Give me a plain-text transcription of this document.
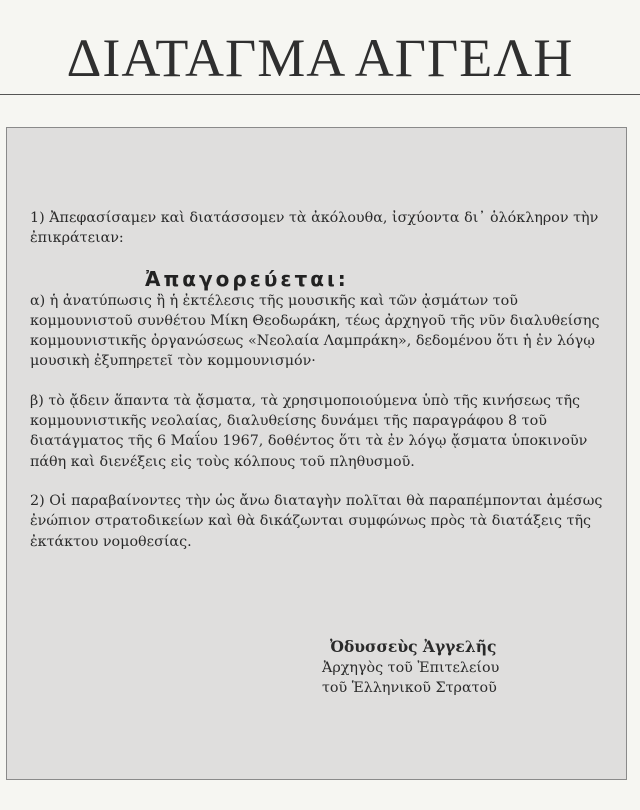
ΔΙΑΤΑΓΜΑ ΑΓΓΕΛΗ

1) Ἀπεφασίσαμεν καὶ διατάσσομεν τὰ ἀκόλουθα, ἰσχύοντα δι᾽ ὁλόκληρον τὴν ἐπικράτειαν:

Ἀπαγορεύεται:

α) ἡ ἀνατύπωσις ἢ ἡ ἐκτέλεσις τῆς μουσικῆς καὶ τῶν ᾀσμάτων τοῦ κομμουνιστοῦ συνθέτου Μίκη Θεοδωράκη, τέως ἀρχηγοῦ τῆς νῦν διαλυθείσης κομμουνιστικῆς ὀργανώσεως «Νεολαία Λαμπράκη», δεδομένου ὅτι ἡ ἐν λόγῳ μουσικὴ ἐξυπηρετεῖ τὸν κομμουνισμόν·

β) τὸ ᾄδειν ἅπαντα τὰ ᾄσματα, τὰ χρησιμοποιούμενα ὑπὸ τῆς κινήσεως τῆς κομμουνιστικῆς νεολαίας, διαλυθείσης δυνάμει τῆς παραγράφου 8 τοῦ διατάγματος τῆς 6 Μαΐου 1967, δοθέντος ὅτι τὰ ἐν λόγῳ ᾄσματα ὑποκινοῦν πάθη καὶ διενέξεις εἰς τοὺς κόλπους τοῦ πληθυσμοῦ.

2) Οἱ παραβαίνοντες τὴν ὡς ἄνω διαταγὴν πολῖται θὰ παραπέμπονται ἀμέσως ἐνώπιον στρατοδικείων καὶ θὰ δικάζωνται συμφώνως πρὸς τὰ διατάξεις τῆς ἐκτάκτου νομοθεσίας.

Ὀδυσσεὺς Ἀγγελῆς
Ἀρχηγὸς τοῦ Ἐπιτελείου
τοῦ Ἑλληνικοῦ Στρατοῦ
